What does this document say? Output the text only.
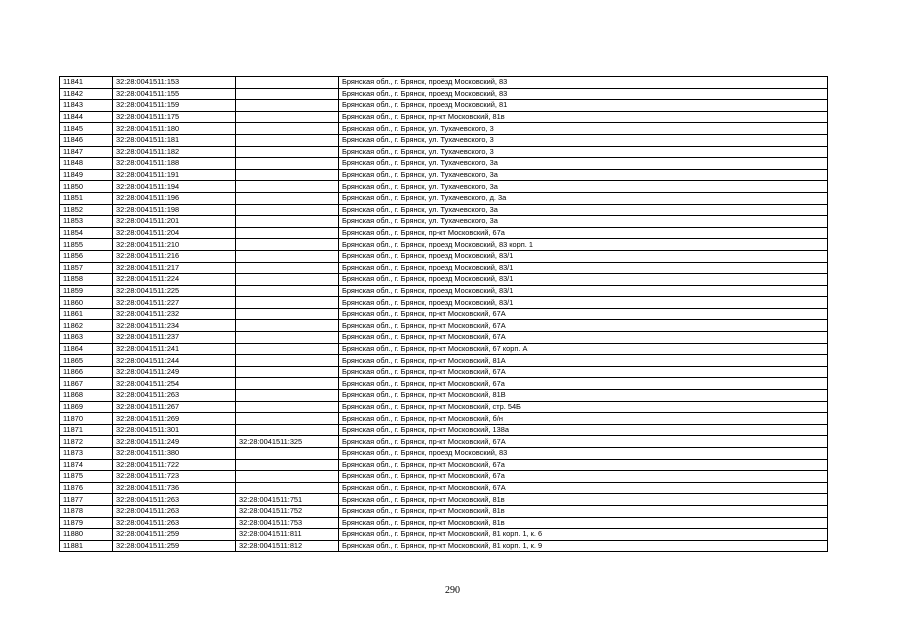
11841	32:28:0041511:153		Брянская обл., г. Брянск, проезд Московский, 83
11842	32:28:0041511:155		Брянская обл., г. Брянск, проезд Московский, 83
11843	32:28:0041511:159		Брянская обл., г. Брянск, проезд Московский, 81
11844	32:28:0041511:175		Брянская обл., г. Брянск, пр-кт Московский, 81в
11845	32:28:0041511:180		Брянская обл., г. Брянск, ул. Тухачевского, 3
11846	32:28:0041511:181		Брянская обл., г. Брянск, ул. Тухачевского, 3
11847	32:28:0041511:182		Брянская обл., г. Брянск, ул. Тухачевского, 3
11848	32:28:0041511:188		Брянская обл., г. Брянск, ул. Тухачевского, 3а
11849	32:28:0041511:191		Брянская обл., г. Брянск, ул. Тухачевского, 3а
11850	32:28:0041511:194		Брянская обл., г. Брянск, ул. Тухачевского, 3а
11851	32:28:0041511:196		Брянская обл., г. Брянск, ул. Тухачевского, д. 3а
11852	32:28:0041511:198		Брянская обл., г. Брянск, ул. Тухачевского, 3а
11853	32:28:0041511:201		Брянская обл., г. Брянск, ул. Тухачевского, 3а
11854	32:28:0041511:204		Брянская обл., г. Брянск, пр-кт Московский, 67а
11855	32:28:0041511:210		Брянская обл., г. Брянск, проезд Московский, 83 корп. 1
11856	32:28:0041511:216		Брянская обл., г. Брянск, проезд Московский, 83/1
11857	32:28:0041511:217		Брянская обл., г. Брянск, проезд Московский, 83/1
11858	32:28:0041511:224		Брянская обл., г. Брянск, проезд Московский, 83/1
11859	32:28:0041511:225		Брянская обл., г. Брянск, проезд Московский, 83/1
11860	32:28:0041511:227		Брянская обл., г. Брянск, проезд Московский, 83/1
11861	32:28:0041511:232		Брянская обл., г. Брянск, пр-кт Московский, 67А
11862	32:28:0041511:234		Брянская обл., г. Брянск, пр-кт Московский, 67А
11863	32:28:0041511:237		Брянская обл., г. Брянск, пр-кт Московский, 67А
11864	32:28:0041511:241		Брянская обл., г. Брянск, пр-кт Московский, 67 корп. А
11865	32:28:0041511:244		Брянская обл., г. Брянск, пр-кт Московский, 81А
11866	32:28:0041511:249		Брянская обл., г. Брянск, пр-кт Московский, 67А
11867	32:28:0041511:254		Брянская обл., г. Брянск, пр-кт Московский, 67а
11868	32:28:0041511:263		Брянская обл., г. Брянск, пр-кт Московский, 81В
11869	32:28:0041511:267		Брянская обл., г. Брянск, пр-кт Московский, стр. 54Б
11870	32:28:0041511:269		Брянская обл., г. Брянск, пр-кт Московский, б/н
11871	32:28:0041511:301		Брянская обл., г. Брянск, пр-кт Московский, 138а
11872	32:28:0041511:249	32:28:0041511:325	Брянская обл., г. Брянск, пр-кт Московский, 67А
11873	32:28:0041511:380		Брянская обл., г. Брянск, проезд Московский, 83
11874	32:28:0041511:722		Брянская обл., г. Брянск, пр-кт Московский, 67а
11875	32:28:0041511:723		Брянская обл., г. Брянск, пр-кт Московский, 67а
11876	32:28:0041511:736		Брянская обл., г. Брянск, пр-кт Московский, 67А
11877	32:28:0041511:263	32:28:0041511:751	Брянская обл., г. Брянск, пр-кт Московский, 81в
11878	32:28:0041511:263	32:28:0041511:752	Брянская обл., г. Брянск, пр-кт Московский, 81в
11879	32:28:0041511:263	32:28:0041511:753	Брянская обл., г. Брянск, пр-кт Московский, 81в
11880	32:28:0041511:259	32:28:0041511:811	Брянская обл., г. Брянск, пр-кт Московский, 81 корп. 1, к. 6
11881	32:28:0041511:259	32:28:0041511:812	Брянская обл., г. Брянск, пр-кт Московский, 81 корп. 1, к. 9
290
